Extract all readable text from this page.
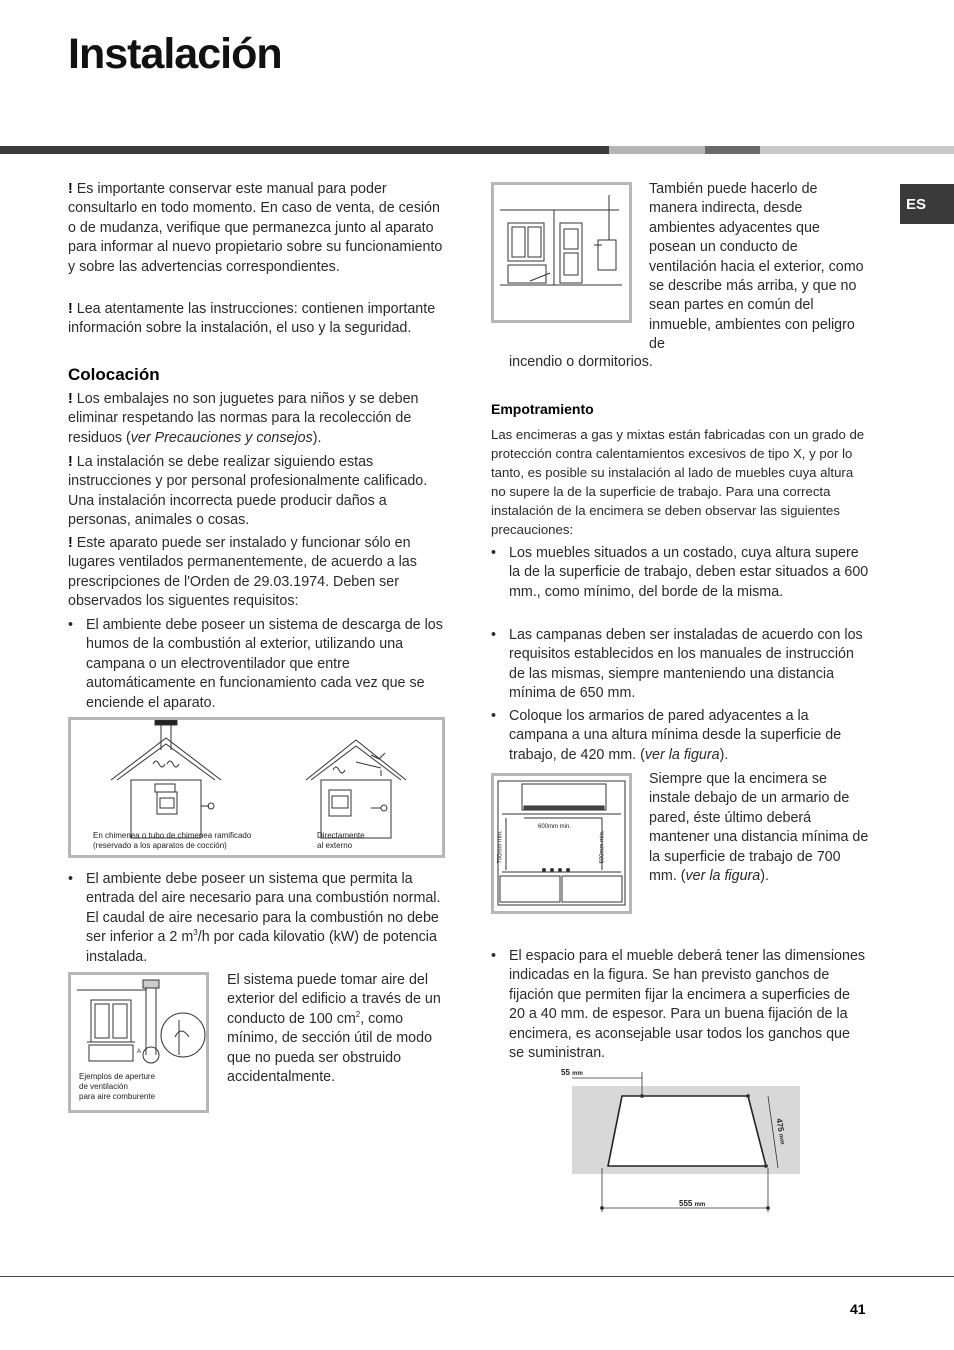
Instalación
ES
! Es importante conservar este manual para poder consultarlo en todo momento. En caso de venta, de cesión o de mudanza, verifique que permanezca junto al aparato para informar al nuevo propietario sobre su funcionamiento y sobre las advertencias correspondientes.
! Lea atentamente las instrucciones: contienen importante información sobre la instalación, el uso y la seguridad.
Colocación
! Los embalajes no son juguetes para niños y se deben eliminar respetando las normas para la recolección de residuos (ver Precauciones y consejos).
! La instalación se debe realizar siguiendo estas instrucciones y por personal profesionalmente calificado. Una instalación incorrecta puede producir daños a personas, animales o cosas.
! Este aparato puede ser instalado y funcionar sólo en lugares ventilados permanentemente, de acuerdo a las prescripciones de l'Orden de 29.03.1974. Deben ser observados los siguentes requisitos:
• El ambiente debe poseer un sistema de descarga de los humos de la combustión al exterior, utilizando una campana o un electroventilador que entre automáticamente en funcionamiento cada vez que se enciende el aparato.
En chimenea o tubo de chimenea ramificado
(reservado a los aparatos de cocción)
Directamente
al externo
• El ambiente debe poseer un sistema que permita la entrada del aire necesario para una combustión normal. El caudal de aire necesario para la combustión no debe ser inferior a 2 $m^3/h$ por cada kilovatio (kW) de potencia instalada.
A
Ejemplos de aperture
de ventilación
para aire comburente
El sistema puede tomar aire del exterior del edificio a través de un conducto de 100 $cm^2$, como mínimo, de sección útil de modo que no pueda ser obstruido accidentalmente.
También puede hacerlo de manera indirecta, desde ambientes adyacentes que posean un conducto de ventilación hacia el exterior, como se describe más arriba, y que no sean partes en común del inmueble, ambientes con peligro de
incendio o dormitorios.
Empotramiento
Las encimeras a gas y mixtas están fabricadas con un grado de protección contra calentamientos excesivos de tipo X, y por lo tanto, es posible su instalación al lado de muebles cuya altura no supere la de la superficie de trabajo. Para una correcta instalación de la encimera se deben observar las siguientes precauciones:
• Los muebles situados a un costado, cuya altura supere la de la superficie de trabajo, deben estar situados a 600 mm., como mínimo, del borde de la misma.
• Las campanas deben ser instaladas de acuerdo con los requisitos establecidos en los manuales de instrucción de las mismas, siempre manteniendo una distancia mínima de 650 mm.
• Coloque los armarios de pared adyacentes a la campana a una altura mínima desde la superficie de trabajo, de 420 mm. (ver la figura).
600mm min.
700mm min.	600mm min.
Siempre que la encimera se instale debajo de un armario de pared, éste último deberá mantener una distancia mínima de la superficie de trabajo de 700 mm. (ver la figura).
• El espacio para el mueble deberá tener las dimensiones indicadas en la figura. Se han previsto ganchos de fijación que permiten fijar la encimera a superficies de 20 a 40 mm. de espesor. Para un buena fijación de la encimera, es aconsejable usar todos los ganchos que se suministran.
55 mm
475 mm
555 mm
41
